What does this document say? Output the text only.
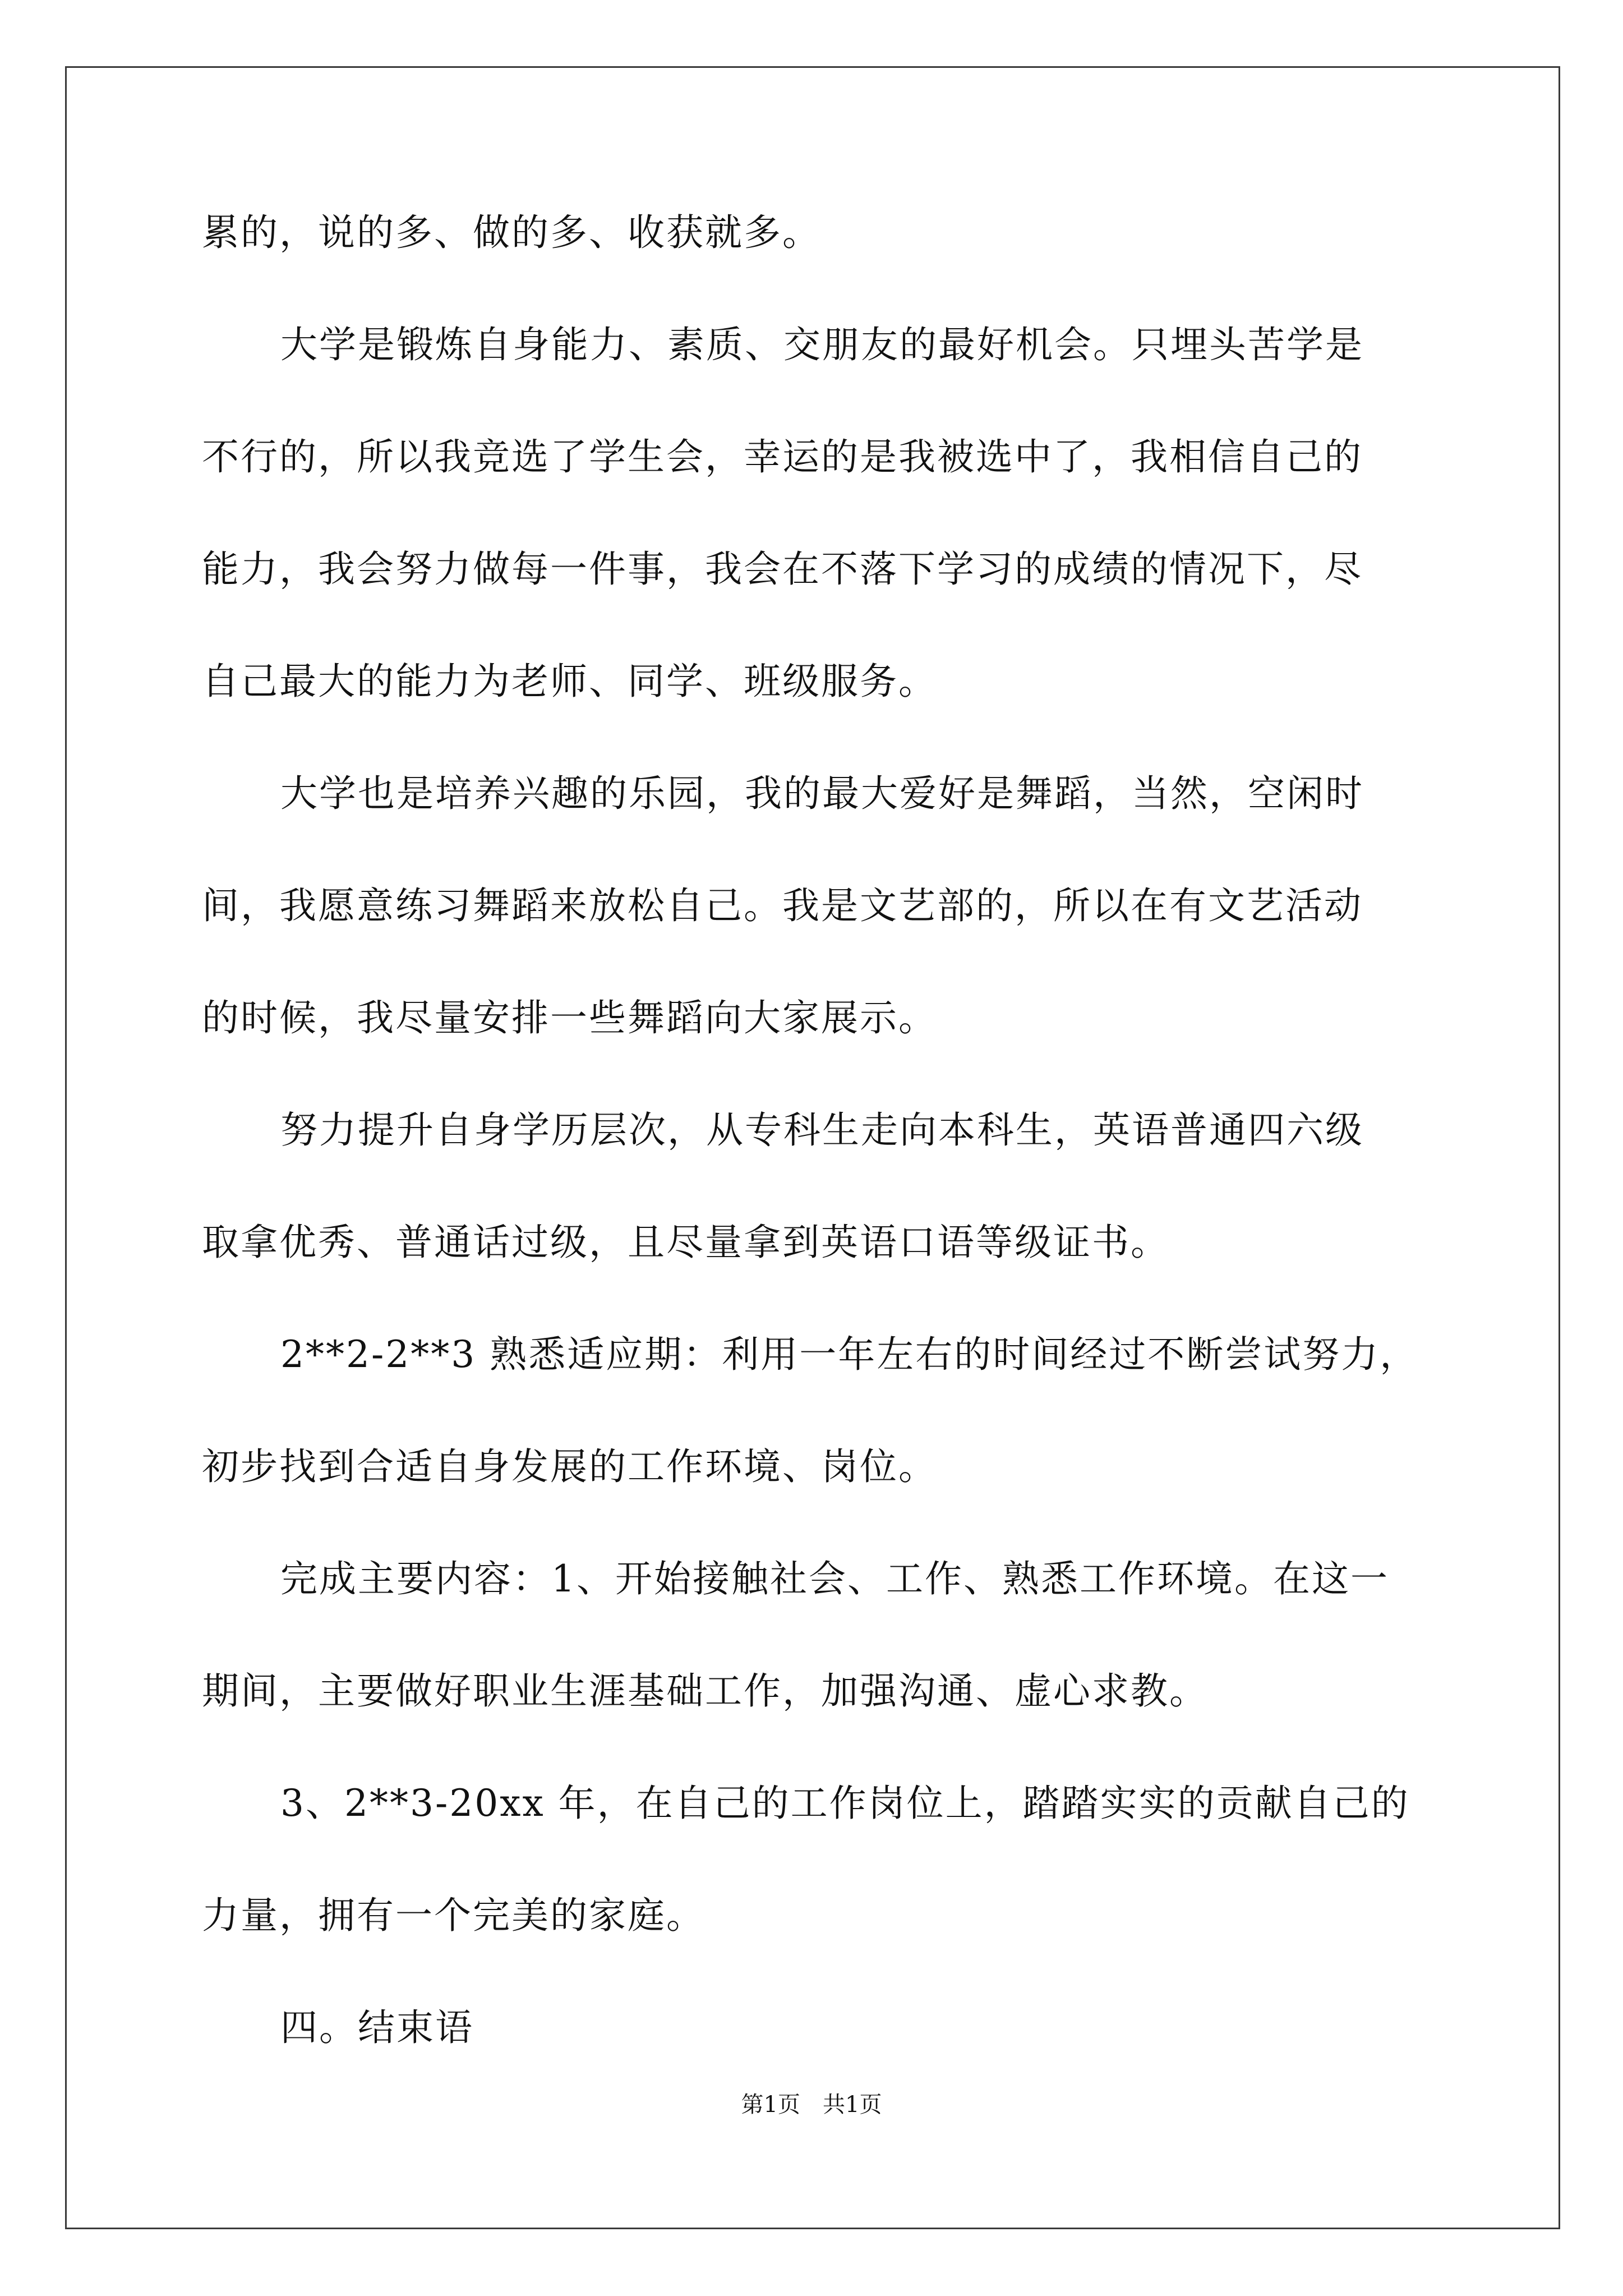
累的，说的多、做的多、收获就多。
大学是锻炼自身能力、素质、交朋友的最好机会。只埋头苦学是
不行的，所以我竞选了学生会，幸运的是我被选中了，我相信自己的
能力，我会努力做每一件事，我会在不落下学习的成绩的情况下，尽
自己最大的能力为老师、同学、班级服务。
大学也是培养兴趣的乐园，我的最大爱好是舞蹈，当然，空闲时
间，我愿意练习舞蹈来放松自己。我是文艺部的，所以在有文艺活动
的时候，我尽量安排一些舞蹈向大家展示。
努力提升自身学历层次，从专科生走向本科生，英语普通四六级
取拿优秀、普通话过级，且尽量拿到英语口语等级证书。
2**2-2**3 熟悉适应期：利用一年左右的时间经过不断尝试努力，
初步找到合适自身发展的工作环境、岗位。
完成主要内容：1、开始接触社会、工作、熟悉工作环境。在这一
期间，主要做好职业生涯基础工作，加强沟通、虚心求教。
3、2**3-20xx 年，在自己的工作岗位上，踏踏实实的贡献自己的
力量，拥有一个完美的家庭。
四。结束语
第1页　共1页
